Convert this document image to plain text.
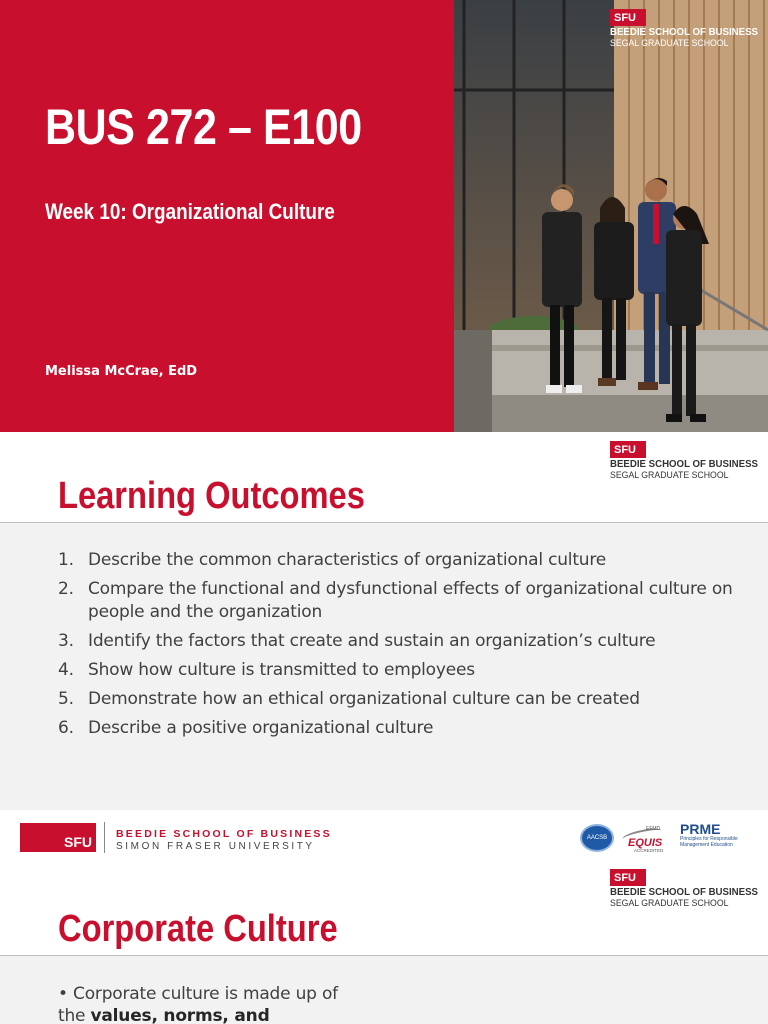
BUS 272 – E100
Week 10: Organizational Culture
Melissa McCrae, EdD
SFU
BEEDIE SCHOOL OF BUSINESS
SEGAL GRADUATE SCHOOL
Learning Outcomes
SFU
BEEDIE SCHOOL OF BUSINESS
SEGAL GRADUATE SCHOOL
1. Describe the common characteristics of organizational culture
2. Compare the functional and dysfunctional effects of organizational culture on people and the organization
3. Identify the factors that create and sustain an organization’s culture
4. Show how culture is transmitted to employees
5. Demonstrate how an ethical organizational culture can be created
6. Describe a positive organizational culture
SFU BEEDIE SCHOOL OF BUSINESS
SIMON FRASER UNIVERSITY
AACSB
EFMD
EQUIS
ACCREDITED
PRME
Principles for Responsible Management Education
Corporate Culture
SFU
BEEDIE SCHOOL OF BUSINESS
SEGAL GRADUATE SCHOOL
• Corporate culture is made up of the values, norms, and
